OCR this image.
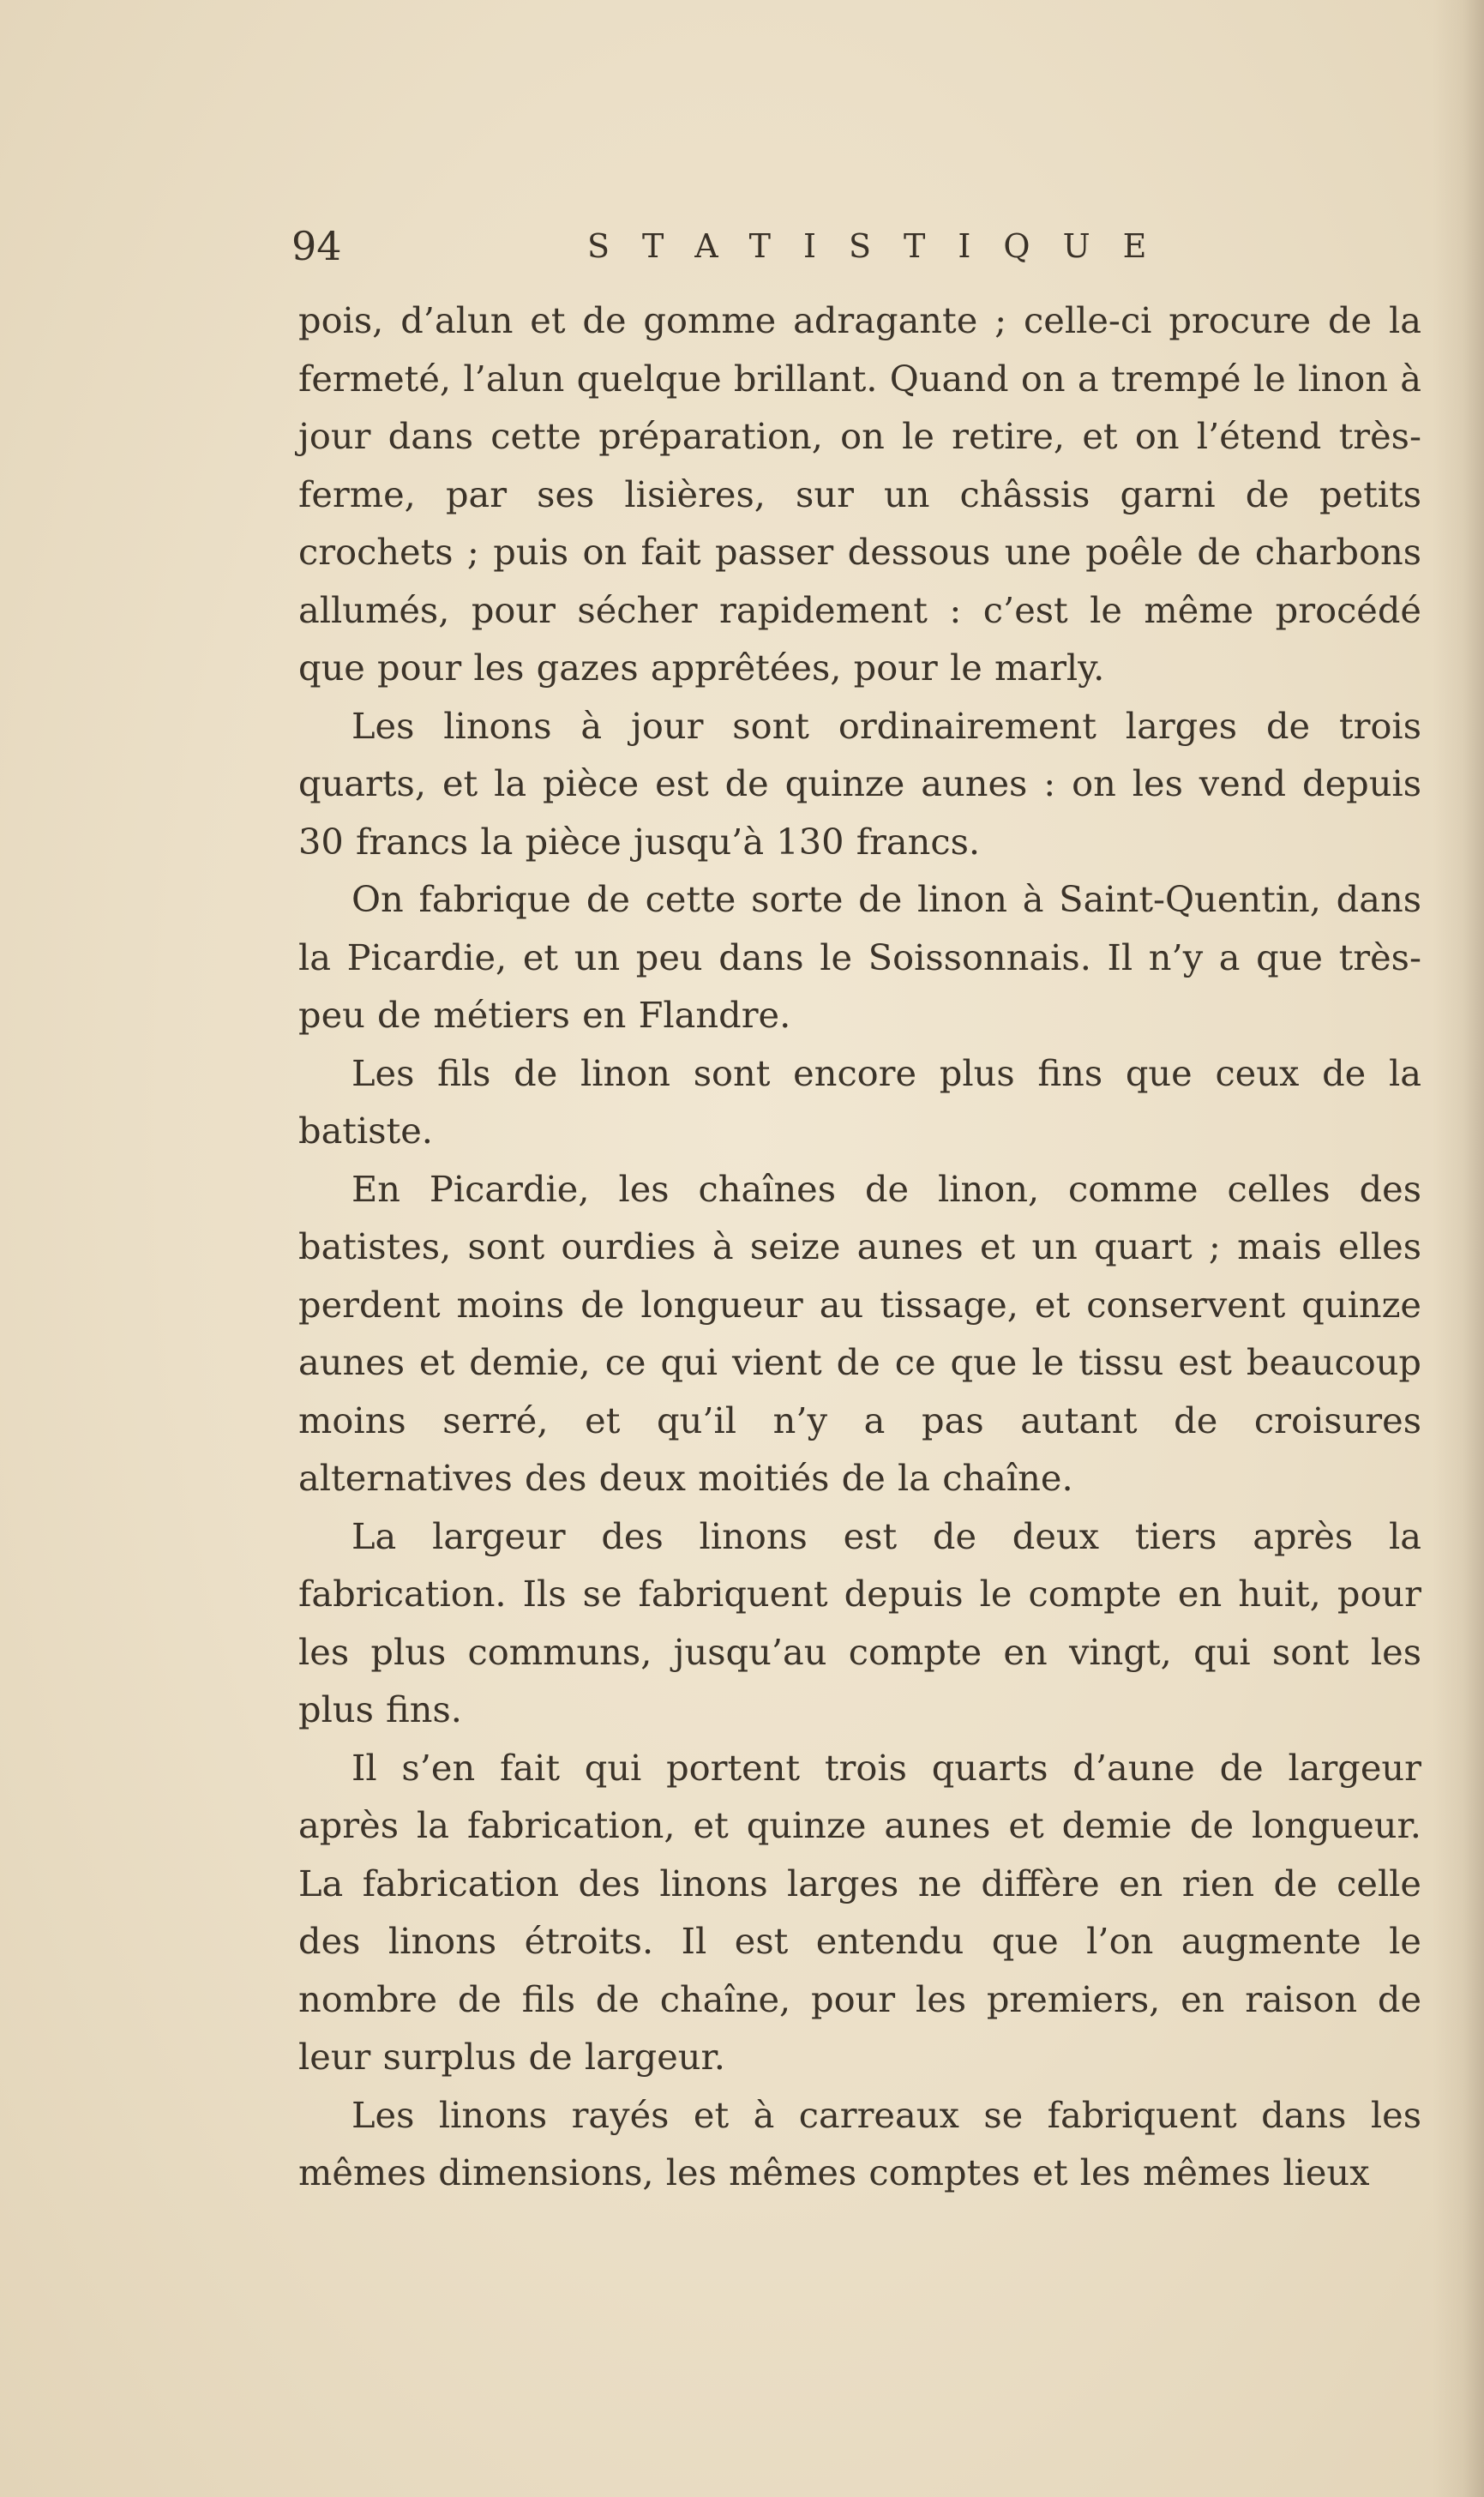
94	STATISTIQUE

pois, d’alun et de gomme adragante ; celle-ci procure de la fermeté, l’alun quelque brillant. Quand on a trempé le linon à jour dans cette préparation, on le retire, et on l’étend très-ferme, par ses lisières, sur un châssis garni de petits crochets ; puis on fait passer dessous une poêle de charbons allumés, pour sécher rapidement : c’est le même procédé que pour les gazes apprêtées, pour le marly.

Les linons à jour sont ordinairement larges de trois quarts, et la pièce est de quinze aunes : on les vend depuis 30 francs la pièce jusqu’à 130 francs.

On fabrique de cette sorte de linon à Saint-Quentin, dans la Picardie, et un peu dans le Soissonnais. Il n’y a que très-peu de métiers en Flandre.

Les fils de linon sont encore plus fins que ceux de la batiste.

En Picardie, les chaînes de linon, comme celles des batistes, sont ourdies à seize aunes et un quart ; mais elles perdent moins de longueur au tissage, et conservent quinze aunes et demie, ce qui vient de ce que le tissu est beaucoup moins serré, et qu’il n’y a pas autant de croisures alternatives des deux moitiés de la chaîne.

La largeur des linons est de deux tiers après la fabrication. Ils se fabriquent depuis le compte en huit, pour les plus communs, jusqu’au compte en vingt, qui sont les plus fins.

Il s’en fait qui portent trois quarts d’aune de largeur après la fabrication, et quinze aunes et demie de longueur. La fabrication des linons larges ne diffère en rien de celle des linons étroits. Il est entendu que l’on augmente le nombre de fils de chaîne, pour les premiers, en raison de leur surplus de largeur.

Les linons rayés et à carreaux se fabriquent dans les mêmes dimensions, les mêmes comptes et les mêmes lieux
